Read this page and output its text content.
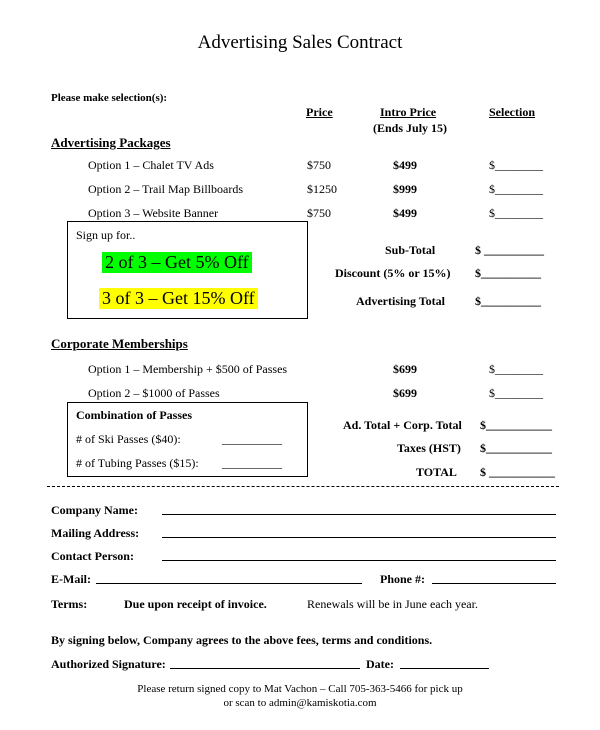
Advertising Sales Contract
Please make selection(s):
Price	Intro Price
(Ends July 15)
Selection
Advertising Packages
Option 1 – Chalet TV Ads	$750	$499	$________
Option 2 – Trail Map Billboards	$1250	$999	$________
Option 3 – Website Banner	$750	$499	$________
Sign up for..
2 of 3 – Get 5% Off
3 of 3 – Get 15% Off
Sub-Total	$ __________
Discount (5% or 15%) $__________
Advertising Total $__________
Corporate Memberships
Option 1 – Membership + $500 of Passes	$699	$________
Option 2 – $1000 of Passes	$699	$________
Combination of Passes
# of Ski Passes ($40):	__________
# of Tubing Passes ($15): __________
Ad. Total + Corp. Total $___________
Taxes (HST) $___________
TOTAL $ ___________
Company Name:
Mailing Address:
Contact Person:
E-Mail:	Phone #:
Terms:	Due upon receipt of invoice.	Renewals will be in June each year.
By signing below, Company agrees to the above fees, terms and conditions.
Authorized Signature:	Date:
Please return signed copy to Mat Vachon – Call 705-363-5466 for pick up
or scan to admin@kamiskotia.com
